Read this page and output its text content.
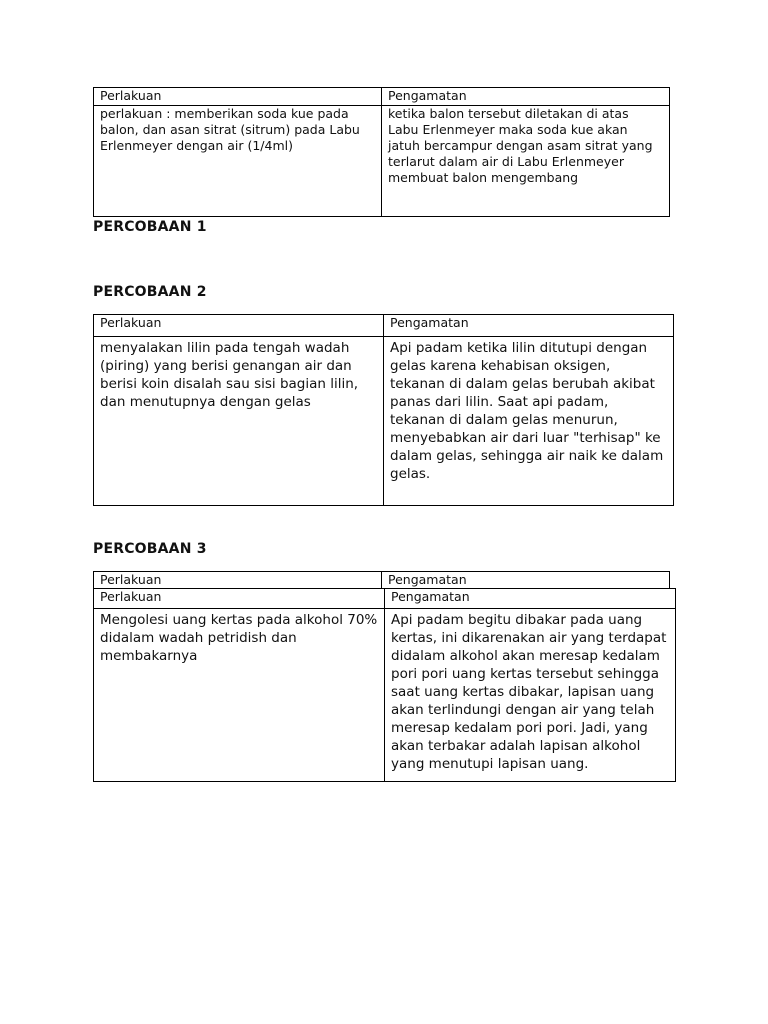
Perlakuan	Pengamatan
perlakuan : memberikan soda kue pada balon, dan asan sitrat (sitrum) pada Labu Erlenmeyer dengan air (1/4ml)	ketika balon tersebut diletakan di atas Labu Erlenmeyer maka soda kue akan jatuh bercampur dengan asam sitrat yang terlarut dalam air di Labu Erlenmeyer membuat balon mengembang
PERCOBAAN 1
PERCOBAAN 2
Perlakuan	Pengamatan
menyalakan lilin pada tengah wadah (piring) yang berisi genangan air dan berisi koin disalah sau sisi bagian lilin, dan menutupnya dengan gelas	Api padam ketika lilin ditutupi dengan gelas karena kehabisan oksigen, tekanan di dalam gelas berubah akibat panas dari lilin. Saat api padam, tekanan di dalam gelas menurun, menyebabkan air dari luar "terhisap" ke dalam gelas, sehingga air naik ke dalam gelas.
PERCOBAAN 3
Perlakuan	Pengamatan
Perlakuan	Pengamatan
Mengolesi uang kertas pada alkohol 70% didalam wadah petridish dan membakarnya	Api padam begitu dibakar pada uang kertas, ini dikarenakan air yang terdapat didalam alkohol akan meresap kedalam pori pori uang kertas tersebut sehingga saat uang kertas dibakar, lapisan uang akan terlindungi dengan air yang telah meresap kedalam pori pori. Jadi, yang akan terbakar adalah lapisan alkohol yang menutupi lapisan uang.
